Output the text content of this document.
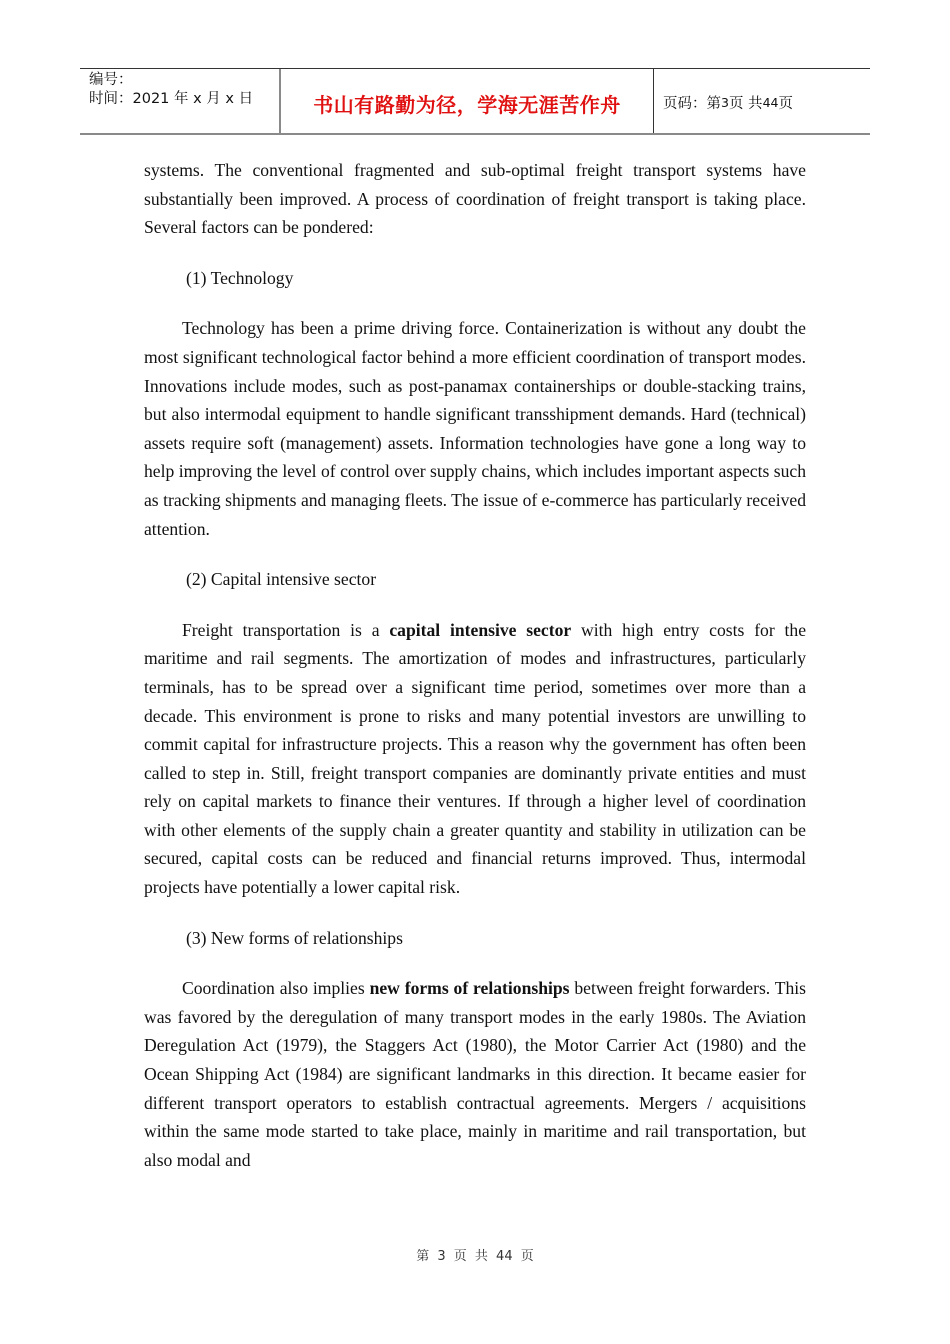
编号：
时间：2021 年 x 月 x 日	书山有路勤为径，学海无涯苦作舟	页码：第 3 页 共 44 页

systems. The conventional fragmented and sub-optimal freight transport systems have substantially been improved. A process of coordination of freight transport is taking place. Several factors can be pondered:

(1) Technology

Technology has been a prime driving force. Containerization is without any doubt the most significant technological factor behind a more efficient coordination of transport modes. Innovations include modes, such as post-panamax containerships or double-stacking trains, but also intermodal equipment to handle significant transshipment demands. Hard (technical) assets require soft (management) assets. Information technologies have gone a long way to help improving the level of control over supply chains, which includes important aspects such as tracking shipments and managing fleets. The issue of e-commerce has particularly received attention.

(2) Capital intensive sector

Freight transportation is a capital intensive sector with high entry costs for the maritime and rail segments. The amortization of modes and infrastructures, particularly terminals, has to be spread over a significant time period, sometimes over more than a decade. This environment is prone to risks and many potential investors are unwilling to commit capital for infrastructure projects. This a reason why the government has often been called to step in. Still, freight transport companies are dominantly private entities and must rely on capital markets to finance their ventures. If through a higher level of coordination with other elements of the supply chain a greater quantity and stability in utilization can be secured, capital costs can be reduced and financial returns improved. Thus, intermodal projects have potentially a lower capital risk.

(3) New forms of relationships

Coordination also implies new forms of relationships between freight forwarders. This was favored by the deregulation of many transport modes in the early 1980s. The Aviation Deregulation Act (1979), the Staggers Act (1980), the Motor Carrier Act (1980) and the Ocean Shipping Act (1984) are significant landmarks in this direction. It became easier for different transport operators to establish contractual agreements. Mergers / acquisitions within the same mode started to take place, mainly in maritime and rail transportation, but also modal and

第 3 页 共 44 页
